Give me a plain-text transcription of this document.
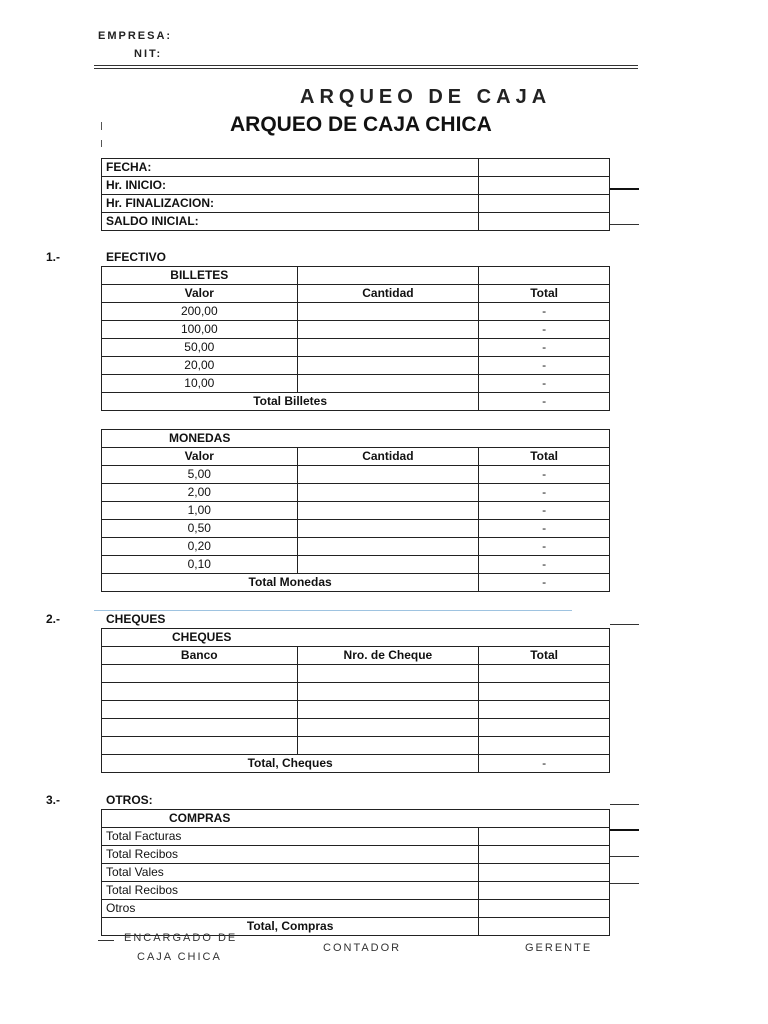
EMPRESA:
NIT:
ARQUEO DE CAJA
ARQUEO DE CAJA CHICA
FECHA:	
Hr. INICIO:	
Hr. FINALIZACION:	
SALDO INICIAL:	
1.-	EFECTIVO
BILLETES		
Valor	Cantidad	Total
200,00		-
100,00		-
50,00		-
20,00		-
10,00		-
Total Billetes		-
MONEDAS		
Valor	Cantidad	Total
5,00		-
2,00		-
1,00		-
0,50		-
0,20		-
0,10		-
Total Monedas		-
2.-	CHEQUES
CHEQUES		
Banco	Nro. de Cheque	Total

Total, Cheques		-
3.-	OTROS:
COMPRAS	
Total Facturas	
Total Recibos	
Total Vales	
Total Recibos	
Otros	
Total, Compras	
ENCARGADO DE
CAJA CHICA
CONTADOR	GERENTE
